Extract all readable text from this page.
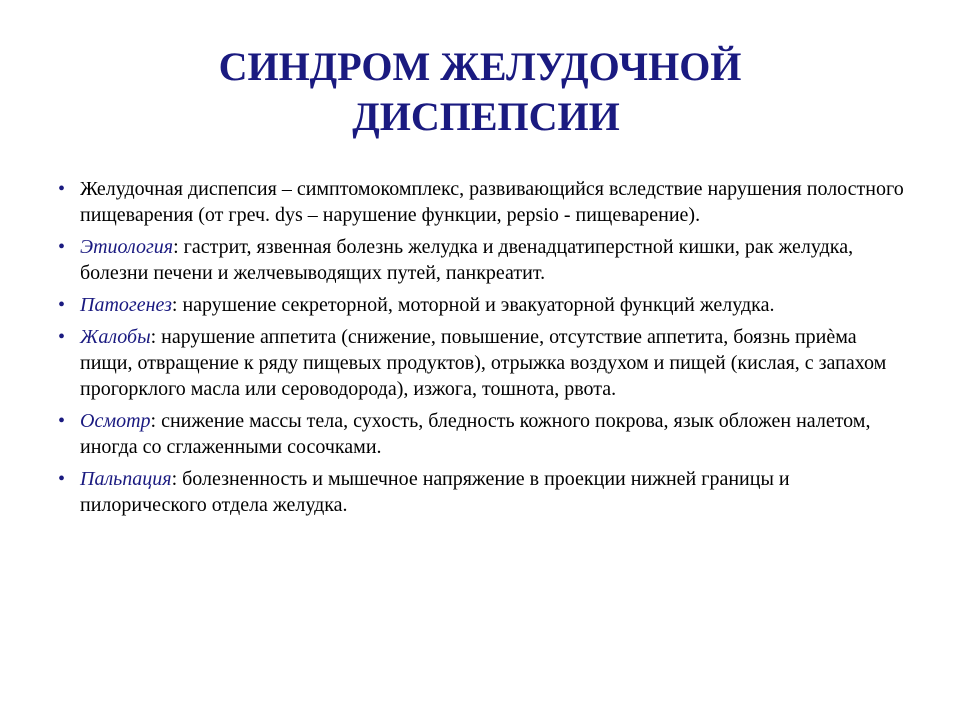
СИНДРОМ ЖЕЛУДОЧНОЙ
ДИСПЕПСИИ
• Желудочная диспепсия – симптомокомплекс, развивающийся вследствие нарушения полостного пищеварения (от греч. dys – нарушение функции, pepsio - пищеварение).
• Этиология: гастрит, язвенная болезнь желудка и двенадцатиперстной кишки, рак желудка, болезни печени и желчевыводящих путей, панкреатит.
• Патогенез: нарушение секреторной, моторной и эвакуаторной функций желудка.
• Жалобы: нарушение аппетита (снижение, повышение, отсутствие аппетита, боязнь приѐма пищи, отвращение к ряду пищевых продуктов), отрыжка воздухом и пищей (кислая, с запахом прогорклого масла или сероводорода), изжога, тошнота, рвота.
• Осмотр: снижение массы тела, сухость, бледность кожного покрова, язык обложен налетом, иногда со сглаженными сосочками.
• Пальпация: болезненность и мышечное напряжение в проекции нижней границы и пилорического отдела желудка.
